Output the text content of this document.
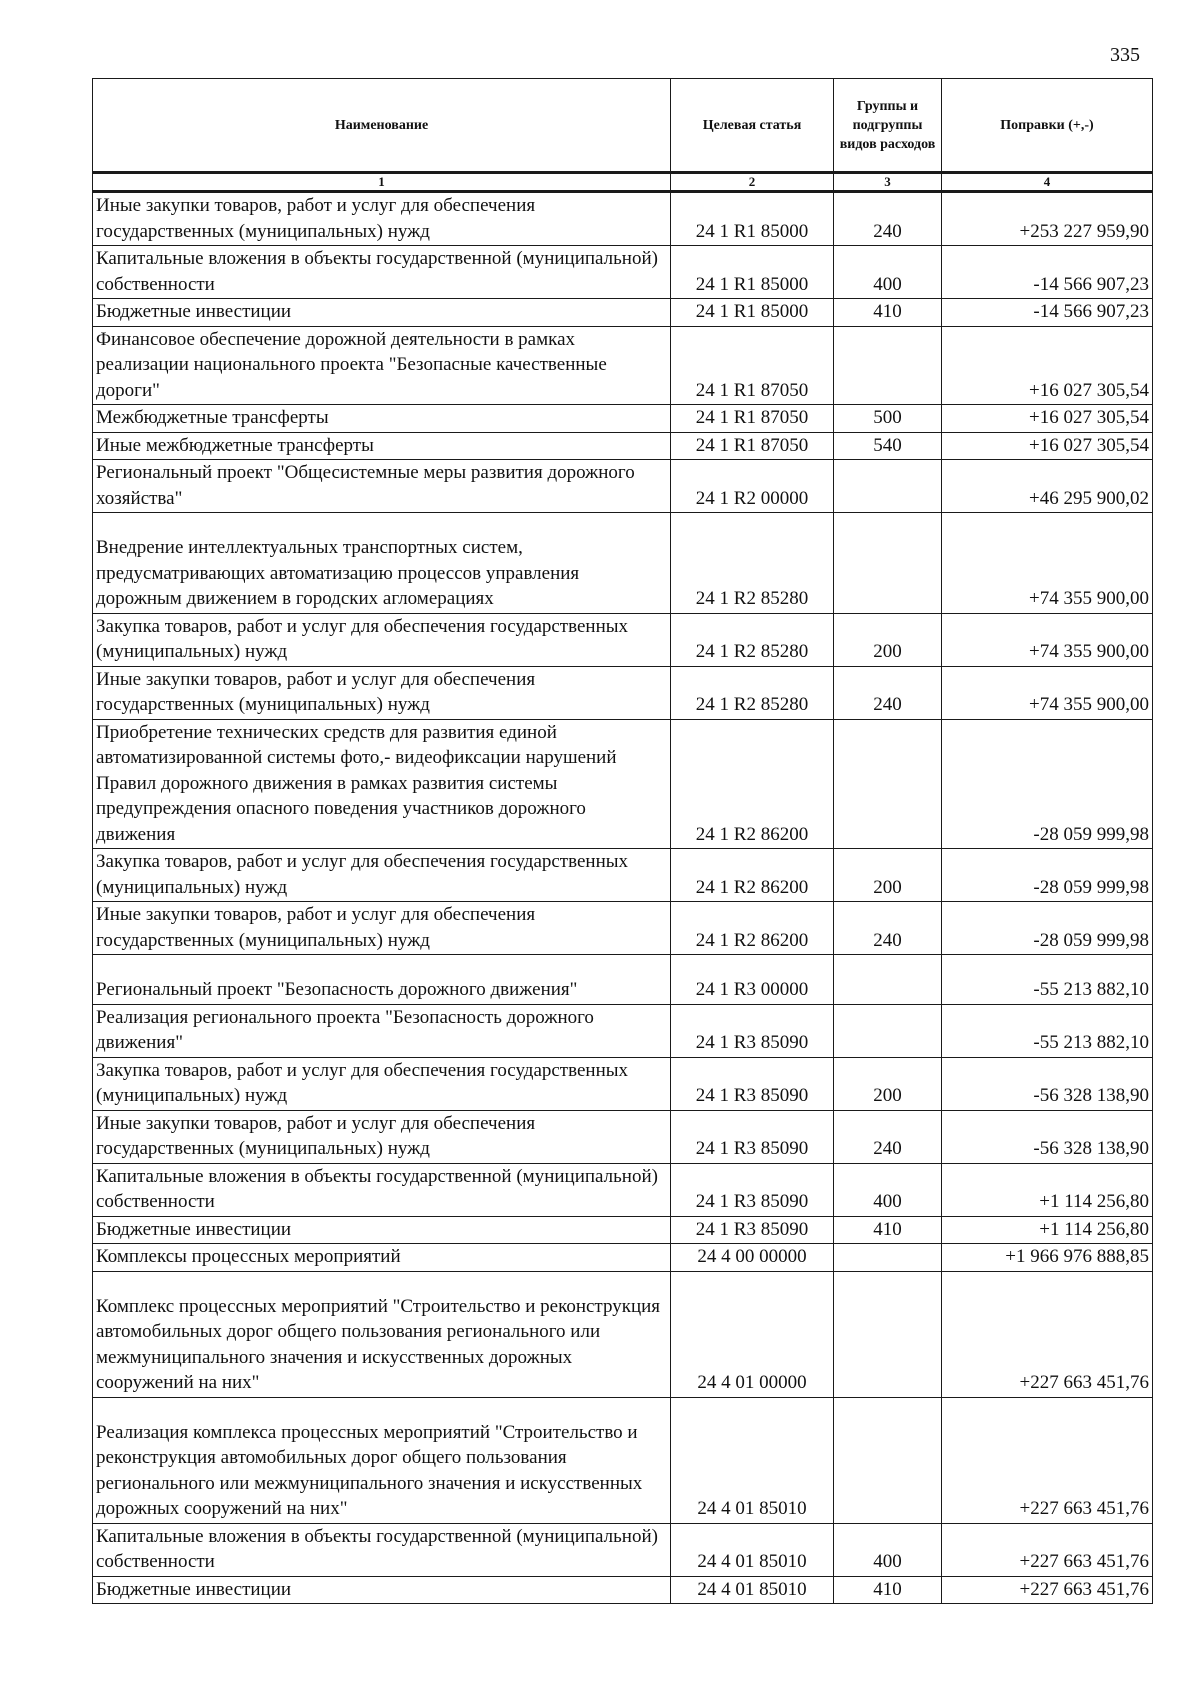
335
Наименование	Целевая статья	Группы и подгруппы видов расходов	Поправки (+,-)
1	2	3	4
Иные закупки товаров, работ и услуг для обеспечения государственных (муниципальных) нужд	24 1 R1 85000	240	+253 227 959,90
Капитальные вложения в объекты государственной (муниципальной) собственности	24 1 R1 85000	400	-14 566 907,23
Бюджетные инвестиции	24 1 R1 85000	410	-14 566 907,23
Финансовое обеспечение дорожной деятельности в рамках реализации национального проекта "Безопасные качественные дороги"	24 1 R1 87050		+16 027 305,54
Межбюджетные трансферты	24 1 R1 87050	500	+16 027 305,54
Иные межбюджетные трансферты	24 1 R1 87050	540	+16 027 305,54
Региональный проект "Общесистемные меры развития дорожного хозяйства"	24 1 R2 00000		+46 295 900,02
Внедрение интеллектуальных транспортных систем, предусматривающих автоматизацию процессов управления дорожным движением в городских агломерациях	24 1 R2 85280		+74 355 900,00
Закупка товаров, работ и услуг для обеспечения государственных (муниципальных) нужд	24 1 R2 85280	200	+74 355 900,00
Иные закупки товаров, работ и услуг для обеспечения государственных (муниципальных) нужд	24 1 R2 85280	240	+74 355 900,00
Приобретение технических средств для развития единой автоматизированной системы фото,- видеофиксации нарушений Правил дорожного движения в рамках развития системы предупреждения опасного поведения участников дорожного движения	24 1 R2 86200		-28 059 999,98
Закупка товаров, работ и услуг для обеспечения государственных (муниципальных) нужд	24 1 R2 86200	200	-28 059 999,98
Иные закупки товаров, работ и услуг для обеспечения государственных (муниципальных) нужд	24 1 R2 86200	240	-28 059 999,98
Региональный проект "Безопасность дорожного движения"	24 1 R3 00000		-55 213 882,10
Реализация регионального проекта "Безопасность дорожного движения"	24 1 R3 85090		-55 213 882,10
Закупка товаров, работ и услуг для обеспечения государственных (муниципальных) нужд	24 1 R3 85090	200	-56 328 138,90
Иные закупки товаров, работ и услуг для обеспечения государственных (муниципальных) нужд	24 1 R3 85090	240	-56 328 138,90
Капитальные вложения в объекты государственной (муниципальной) собственности	24 1 R3 85090	400	+1 114 256,80
Бюджетные инвестиции	24 1 R3 85090	410	+1 114 256,80
Комплексы процессных мероприятий	24 4 00 00000		+1 966 976 888,85
Комплекс процессных мероприятий "Строительство и реконструкция автомобильных дорог общего пользования регионального или межмуниципального значения и искусственных дорожных сооружений на них"	24 4 01 00000		+227 663 451,76
Реализация комплекса процессных мероприятий "Строительство и реконструкция автомобильных дорог общего пользования регионального или межмуниципального значения и искусственных дорожных сооружений на них"	24 4 01 85010		+227 663 451,76
Капитальные вложения в объекты государственной (муниципальной) собственности	24 4 01 85010	400	+227 663 451,76
Бюджетные инвестиции	24 4 01 85010	410	+227 663 451,76
